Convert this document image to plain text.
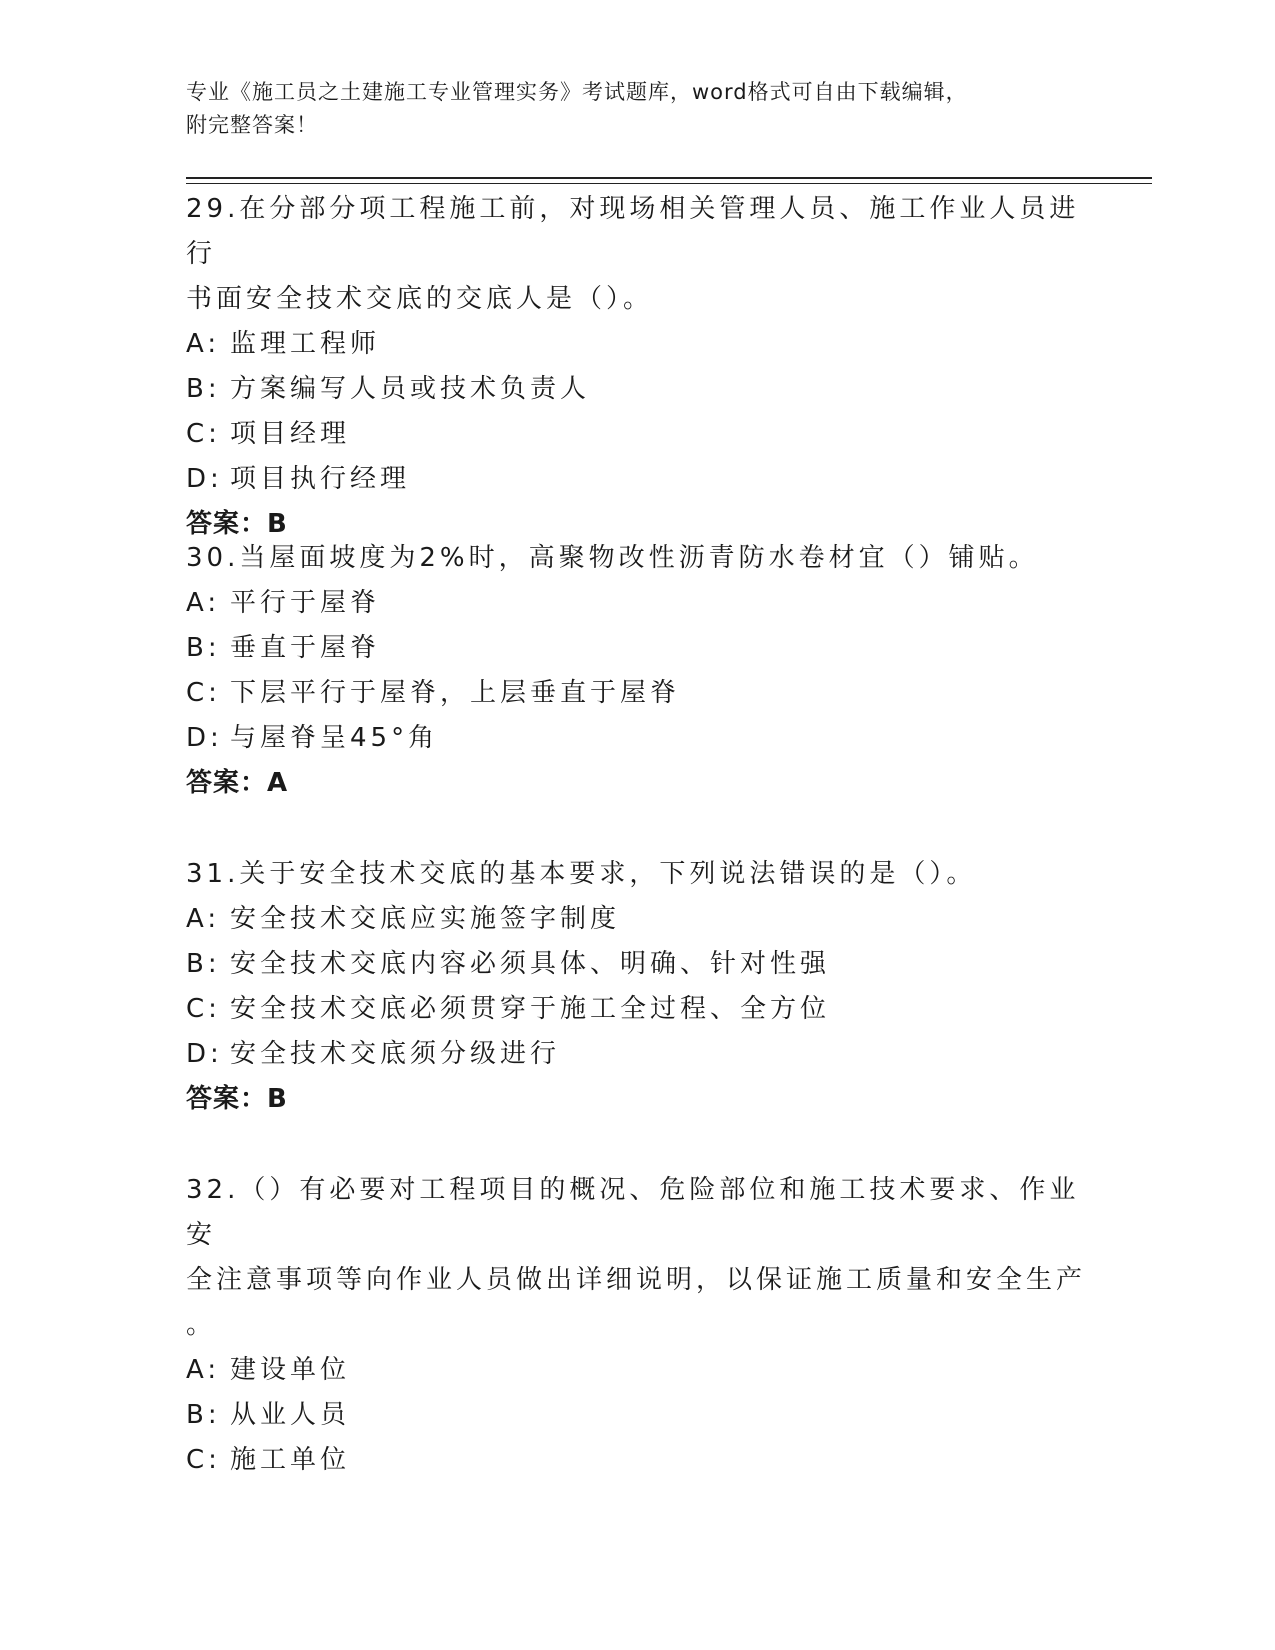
专业《施工员之土建施工专业管理实务》考试题库，word格式可自由下载编辑，
附完整答案！
29.在分部分项工程施工前，对现场相关管理人员、施工作业人员进行
书面安全技术交底的交底人是（）。
A: 监理工程师
B: 方案编写人员或技术负责人
C: 项目经理
D: 项目执行经理
答案：B
30.当屋面坡度为2%时，高聚物改性沥青防水卷材宜（）铺贴。
A: 平行于屋脊
B: 垂直于屋脊
C: 下层平行于屋脊，上层垂直于屋脊
D: 与屋脊呈45°角
答案：A
31.关于安全技术交底的基本要求，下列说法错误的是（）。
A: 安全技术交底应实施签字制度
B: 安全技术交底内容必须具体、明确、针对性强
C: 安全技术交底必须贯穿于施工全过程、全方位
D: 安全技术交底须分级进行
答案：B
32.（）有必要对工程项目的概况、危险部位和施工技术要求、作业安
全注意事项等向作业人员做出详细说明，以保证施工质量和安全生产
。
A: 建设单位
B: 从业人员
C: 施工单位
